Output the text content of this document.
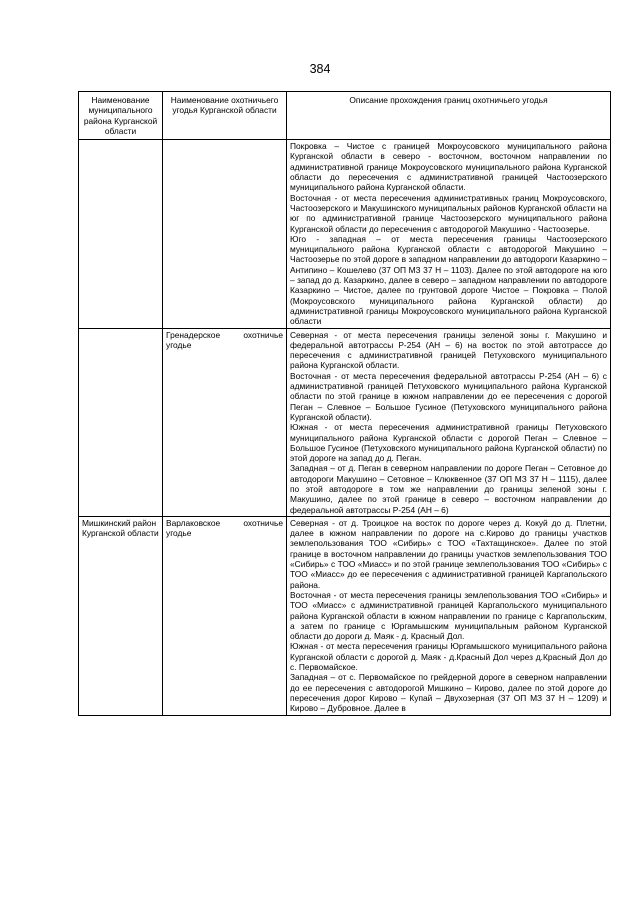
384
Наименование муниципального района Курганской области	Наименование охотничьего угодья Курганской области	Описание прохождения границ охотничьего угодья

		Покровка – Чистое с границей Мокроусовского муниципального района Курганской области в северо - восточном, восточном направлении по административной границе Мокроусовского муниципального района Курганской области до пересечения с административной границей Частоозерского муниципального района Курганской области.

Восточная - от места пересечения административных границ Мокроусовского, Частоозерского и Макушинского муниципальных районов Курганской области на юг по административной границе Частоозерского муниципального района Курганской области до пересечения с автодорогой Макушино - Частоозерье.

Юго - западная – от места пересечения границы Частоозерского муниципального района Курганской области с автодорогой Макушино – Частоозерье по этой дороге в западном направлении до автодороги Казаркино – Антипино – Кошелево (37 ОП МЗ 37 Н – 1103). Далее по этой автодороге на юго – запад до д. Казаркино, далее в северо – западном направлении по автодороге Казаркино – Чистое, далее по грунтовой дороге Чистое – Покровка – Полой (Мокроусовского муниципального района Курганской области) до административной границы Мокроусовского муниципального района Курганской области

	Гренадерское охотничье угодье	Северная - от места пересечения границы зеленой зоны г. Макушино и федеральной автотрассы Р-254 (АН – 6) на восток по этой автотрассе до пересечения с административной границей Петуховского муниципального района Курганской области.

Восточная - от места пересечения федеральной автотрассы Р-254 (АН – 6) с административной границей Петуховского муниципального района Курганской области по этой границе в южном направлении до ее пересечения с дорогой Пеган – Слевное – Большое Гусиное (Петуховского муниципального района Курганской области).

Южная - от места пересечения административной границы Петуховского муниципального района Курганской области с дорогой Пеган – Слевное – Большое Гусиное (Петуховского муниципального района Курганской области) по этой дороге на запад до д. Пеган.

Западная – от д. Пеган в северном направлении по дороге Пеган – Сетовное до автодороги Макушино – Сетовное – Клюквенное (37 ОП МЗ 37 Н – 1115), далее по этой автодороге в том же направлении до границы зеленой зоны г. Макушино, далее по этой границе в северо – восточном направлении до федеральной автотрассы Р-254 (АН – 6)

Мишкинский район Курганской области	Варлаковское охотничье угодье	Северная - от д. Троицкое на восток по дороге через д. Кокуй до д. Плетни, далее в южном направлении по дороге на с.Кирово до границы участков землепользования ТОО «Сибирь» с ТОО «Тахтащинское». Далее по этой границе в восточном направлении до границы участков землепользования ТОО «Сибирь» с ТОО «Миасс» и по этой границе землепользования ТОО «Сибирь» с ТОО «Миасс» до ее пересечения с административной границей Каргапольского района.

Восточная - от места пересечения границы землепользования ТОО «Сибирь» и ТОО «Миасс» с административной границей Каргапольского муниципального района Курганской области в южном направлении по границе с Каргапольским, а затем по границе с Юргамышским муниципальным районом Курганской области до дороги д. Маяк - д. Красный Дол.

Южная - от места пересечения границы Юргамышского муниципального района Курганской области с дорогой д. Маяк - д.Красный Дол через д.Красный Дол до с. Первомайское.

Западная – от с. Первомайское по грейдерной дороге в северном направлении до ее пересечения с автодорогой Мишкино – Кирово, далее по этой дороге до пересечения дорог Кирово – Купай – Двухозерная (37 ОП МЗ 37 Н – 1209) и Кирово – Дубровное. Далее в
